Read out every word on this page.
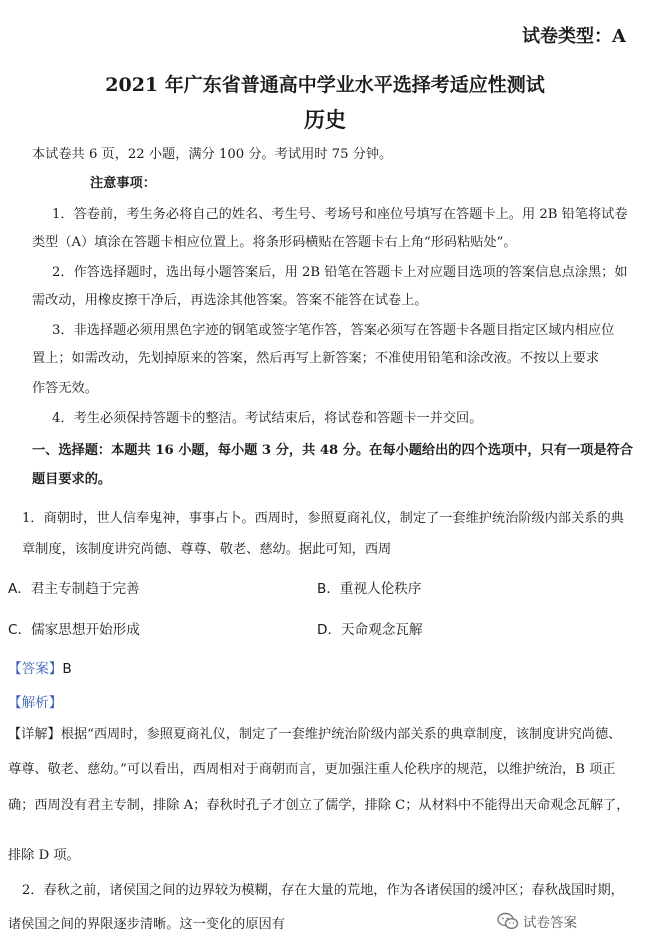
试卷类型：A
2021 年广东省普通高中学业水平选择考适应性测试
历史
本试卷共 6 页，22 小题，满分 100 分。考试用时 75 分钟。
注意事项：
1．答卷前，考生务必将自己的姓名、考生号、考场号和座位号填写在答题卡上。用 2B 铅笔将试卷
类型（A）填涂在答题卡相应位置上。将条形码横贴在答题卡右上角“形码粘贴处”。
2．作答选择题时，选出每小题答案后，用 2B 铅笔在答题卡上对应题目选项的答案信息点涂黑；如
需改动，用橡皮擦干净后，再选涂其他答案。答案不能答在试卷上。
3．非选择题必须用黑色字迹的钢笔或签字笔作答，答案必须写在答题卡各题目指定区域内相应位
置上；如需改动，先划掉原来的答案，然后再写上新答案；不准使用铅笔和涂改液。不按以上要求
作答无效。
4．考生必须保持答题卡的整洁。考试结束后，将试卷和答题卡一并交回。
一、选择题：本题共 16 小题，每小题 3 分，共 48 分。在每小题给出的四个选项中，只有一项是符合
题目要求的。
1．商朝时，世人信奉鬼神，事事占卜。西周时，参照夏商礼仪，制定了一套维护统治阶级内部关系的典
章制度，该制度讲究尚德、尊尊、敬老、慈幼。据此可知，西周
A．君主专制趋于完善	B．重视人伦秩序
C．儒家思想开始形成	D．天命观念瓦解
【答案】B
【解析】
【详解】根据“西周时，参照夏商礼仪，制定了一套维护统治阶级内部关系的典章制度，该制度讲究尚德、
尊尊、敬老、慈幼。”可以看出，西周相对于商朝而言，更加强注重人伦秩序的规范，以维护统治，B 项正
确；西周没有君主专制，排除 A；春秋时孔子才创立了儒学，排除 C；从材料中不能得出天命观念瓦解了，
排除 D 项。
2．春秋之前，诸侯国之间的边界较为模糊，存在大量的荒地，作为各诸侯国的缓冲区；春秋战国时期，
诸侯国之间的界限逐步清晰。这一变化的原因有	试卷答案
